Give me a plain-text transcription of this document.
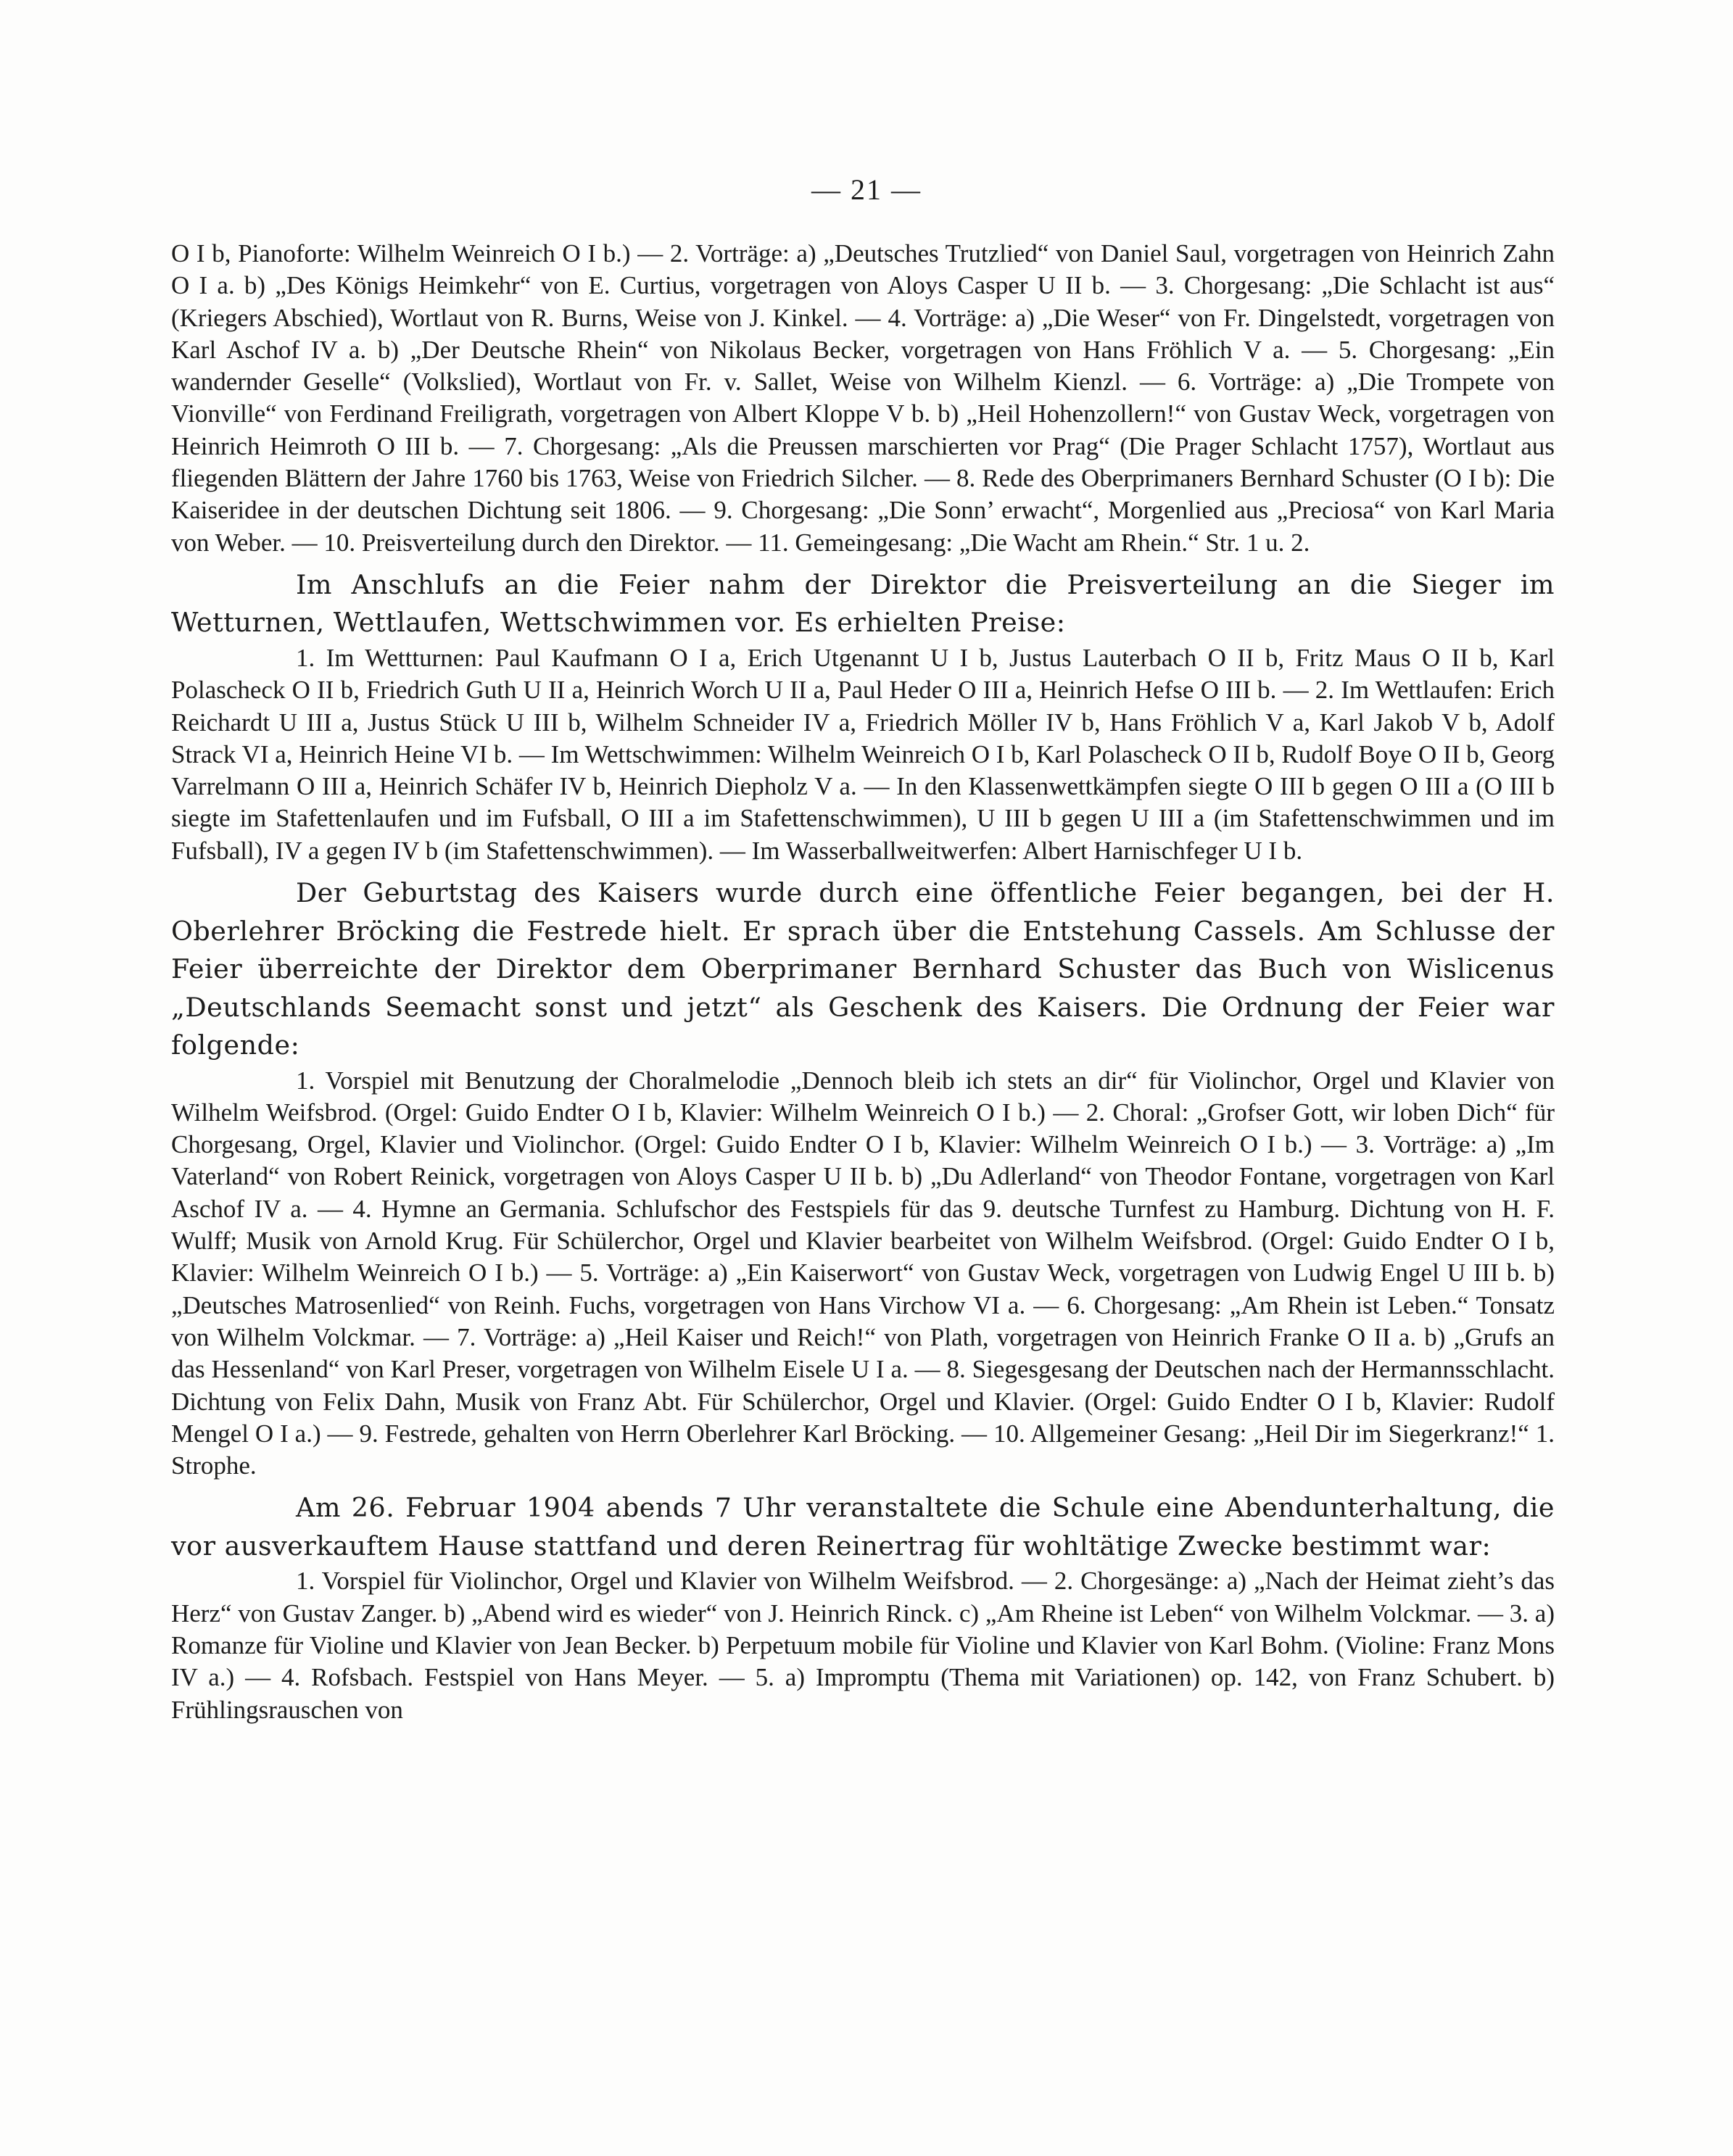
— 21 —

O I b, Pianoforte: Wilhelm Weinreich O I b.) — 2. Vorträge: a) „Deutsches Trutzlied“ von Daniel Saul, vorgetragen von Heinrich Zahn O I a. b) „Des Königs Heimkehr“ von E. Curtius, vorgetragen von Aloys Casper U II b. — 3. Chorgesang: „Die Schlacht ist aus“ (Kriegers Abschied), Wortlaut von R. Burns, Weise von J. Kinkel. — 4. Vorträge: a) „Die Weser“ von Fr. Dingelstedt, vorgetragen von Karl Aschof IV a. b) „Der Deutsche Rhein“ von Nikolaus Becker, vorgetragen von Hans Fröhlich V a. — 5. Chorgesang: „Ein wandernder Geselle“ (Volkslied), Wortlaut von Fr. v. Sallet, Weise von Wilhelm Kienzl. — 6. Vorträge: a) „Die Trompete von Vionville“ von Ferdinand Freiligrath, vorgetragen von Albert Kloppe V b. b) „Heil Hohenzollern!“ von Gustav Weck, vorgetragen von Heinrich Heimroth O III b. — 7. Chorgesang: „Als die Preussen marschierten vor Prag“ (Die Prager Schlacht 1757), Wortlaut aus fliegenden Blättern der Jahre 1760 bis 1763, Weise von Friedrich Silcher. — 8. Rede des Oberprimaners Bernhard Schuster (O I b): Die Kaiseridee in der deutschen Dichtung seit 1806. — 9. Chorgesang: „Die Sonn’ erwacht“, Morgenlied aus „Preciosa“ von Karl Maria von Weber. — 10. Preisverteilung durch den Direktor. — 11. Gemeingesang: „Die Wacht am Rhein.“ Str. 1 u. 2.

Im Anschlufs an die Feier nahm der Direktor die Preisverteilung an die Sieger im Wetturnen, Wettlaufen, Wettschwimmen vor. Es erhielten Preise:

1. Im Wettturnen: Paul Kaufmann O I a, Erich Utgenannt U I b, Justus Lauterbach O II b, Fritz Maus O II b, Karl Polascheck O II b, Friedrich Guth U II a, Heinrich Worch U II a, Paul Heder O III a, Heinrich Hefse O III b. — 2. Im Wettlaufen: Erich Reichardt U III a, Justus Stück U III b, Wilhelm Schneider IV a, Friedrich Möller IV b, Hans Fröhlich V a, Karl Jakob V b, Adolf Strack VI a, Heinrich Heine VI b. — Im Wettschwimmen: Wilhelm Weinreich O I b, Karl Polascheck O II b, Rudolf Boye O II b, Georg Varrelmann O III a, Heinrich Schäfer IV b, Heinrich Diepholz V a. — In den Klassenwettkämpfen siegte O III b gegen O III a (O III b siegte im Stafettenlaufen und im Fufsball, O III a im Stafettenschwimmen), U III b gegen U III a (im Stafettenschwimmen und im Fufsball), IV a gegen IV b (im Stafettenschwimmen). — Im Wasserballweitwerfen: Albert Harnischfeger U I b.

Der Geburtstag des Kaisers wurde durch eine öffentliche Feier begangen, bei der H. Oberlehrer Bröcking die Festrede hielt. Er sprach über die Entstehung Cassels. Am Schlusse der Feier überreichte der Direktor dem Oberprimaner Bernhard Schuster das Buch von Wislicenus „Deutschlands Seemacht sonst und jetzt“ als Geschenk des Kaisers. Die Ordnung der Feier war folgende:

1. Vorspiel mit Benutzung der Choralmelodie „Dennoch bleib ich stets an dir“ für Violinchor, Orgel und Klavier von Wilhelm Weifsbrod. (Orgel: Guido Endter O I b, Klavier: Wilhelm Weinreich O I b.) — 2. Choral: „Grofser Gott, wir loben Dich“ für Chorgesang, Orgel, Klavier und Violinchor. (Orgel: Guido Endter O I b, Klavier: Wilhelm Weinreich O I b.) — 3. Vorträge: a) „Im Vaterland“ von Robert Reinick, vorgetragen von Aloys Casper U II b. b) „Du Adlerland“ von Theodor Fontane, vorgetragen von Karl Aschof IV a. — 4. Hymne an Germania. Schlufschor des Festspiels für das 9. deutsche Turnfest zu Hamburg. Dichtung von H. F. Wulff; Musik von Arnold Krug. Für Schülerchor, Orgel und Klavier bearbeitet von Wilhelm Weifsbrod. (Orgel: Guido Endter O I b, Klavier: Wilhelm Weinreich O I b.) — 5. Vorträge: a) „Ein Kaiserwort“ von Gustav Weck, vorgetragen von Ludwig Engel U III b. b) „Deutsches Matrosenlied“ von Reinh. Fuchs, vorgetragen von Hans Virchow VI a. — 6. Chorgesang: „Am Rhein ist Leben.“ Tonsatz von Wilhelm Volckmar. — 7. Vorträge: a) „Heil Kaiser und Reich!“ von Plath, vorgetragen von Heinrich Franke O II a. b) „Grufs an das Hessenland“ von Karl Preser, vorgetragen von Wilhelm Eisele U I a. — 8. Siegesgesang der Deutschen nach der Hermannsschlacht. Dichtung von Felix Dahn, Musik von Franz Abt. Für Schülerchor, Orgel und Klavier. (Orgel: Guido Endter O I b, Klavier: Rudolf Mengel O I a.) — 9. Festrede, gehalten von Herrn Oberlehrer Karl Bröcking. — 10. Allgemeiner Gesang: „Heil Dir im Siegerkranz!“ 1. Strophe.

Am 26. Februar 1904 abends 7 Uhr veranstaltete die Schule eine Abendunterhaltung, die vor ausverkauftem Hause stattfand und deren Reinertrag für wohltätige Zwecke bestimmt war:

1. Vorspiel für Violinchor, Orgel und Klavier von Wilhelm Weifsbrod. — 2. Chorgesänge: a) „Nach der Heimat zieht’s das Herz“ von Gustav Zanger. b) „Abend wird es wieder“ von J. Heinrich Rinck. c) „Am Rheine ist Leben“ von Wilhelm Volckmar. — 3. a) Romanze für Violine und Klavier von Jean Becker. b) Perpetuum mobile für Violine und Klavier von Karl Bohm. (Violine: Franz Mons IV a.) — 4. Rofsbach. Festspiel von Hans Meyer. — 5. a) Impromptu (Thema mit Variationen) op. 142, von Franz Schubert. b) Frühlingsrauschen von
